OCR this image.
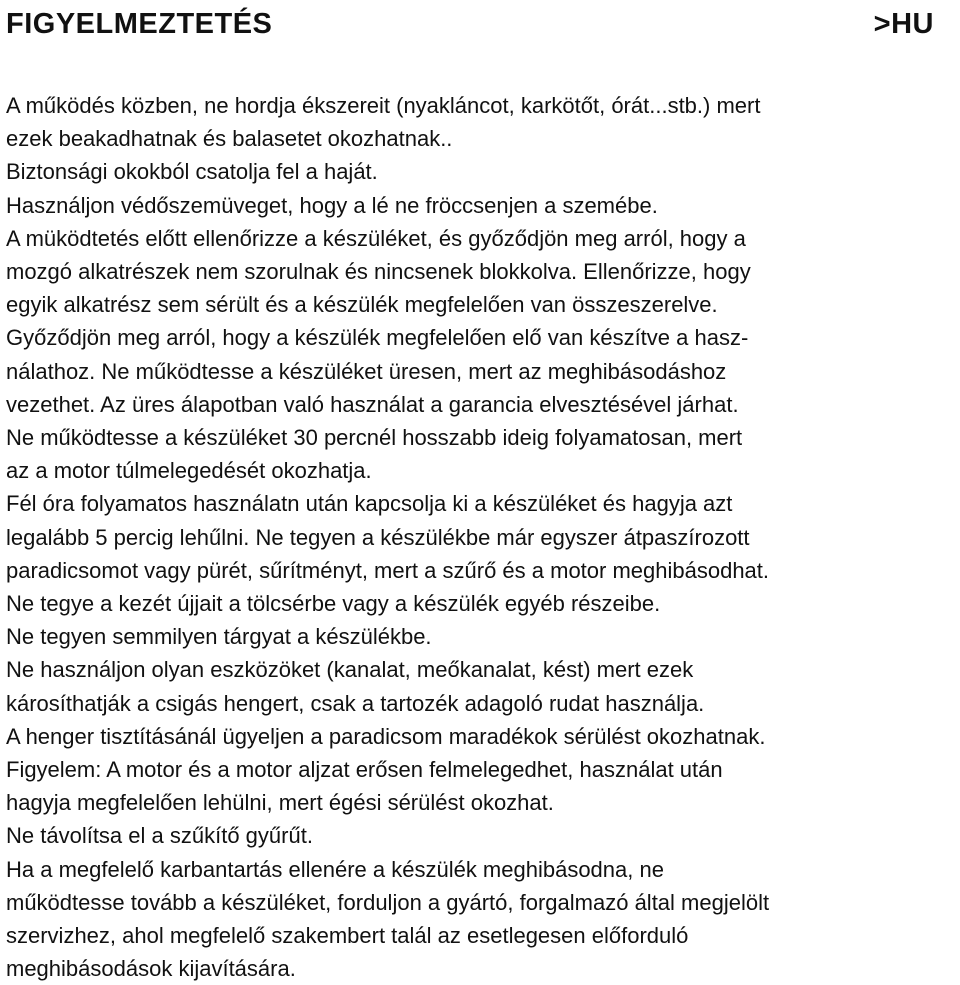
FIGYELMEZTETÉS	>HU
A működés közben, ne hordja ékszereit (nyakláncot, karkötőt, órát...stb.) mert
ezek beakadhatnak és balasetet okozhatnak..
Biztonsági okokból csatolja fel a haját.
Használjon védőszemüveget, hogy a lé ne fröccsenjen a szemébe.
A müködtetés előtt ellenőrizze a készüléket, és győződjön meg arról, hogy a
mozgó alkatrészek nem szorulnak és nincsenek blokkolva. Ellenőrizze, hogy
egyik alkatrész sem sérült és a készülék megfelelően van összeszerelve.
Győződjön meg arról, hogy a készülék megfelelően elő van készítve a hasz-
nálathoz. Ne működtesse a készüléket üresen, mert az meghibásodáshoz
vezethet. Az üres álapotban való használat a garancia elvesztésével járhat.
Ne működtesse a készüléket 30 percnél hosszabb ideig folyamatosan, mert
az a motor túlmelegedését okozhatja.
Fél óra folyamatos használatn után kapcsolja ki a készüléket és hagyja azt
legalább 5 percig lehűlni. Ne tegyen a készülékbe már egyszer átpaszírozott
paradicsomot vagy pürét, sűrítményt, mert a szűrő és a motor meghibásodhat.
Ne tegye a kezét újjait a tölcsérbe vagy a készülék egyéb részeibe.
Ne tegyen semmilyen tárgyat a készülékbe.
Ne használjon olyan eszközöket (kanalat, meőkanalat, kést) mert ezek
károsíthatják a csigás hengert, csak a tartozék adagoló rudat használja.
A henger tisztításánál ügyeljen a paradicsom maradékok sérülést okozhatnak.
Figyelem: A motor és a motor aljzat erősen felmelegedhet, használat után
hagyja megfelelően lehülni, mert égési sérülést okozhat.
Ne távolítsa el a szűkítő gyűrűt.
Ha a megfelelő karbantartás ellenére a készülék meghibásodna, ne
működtesse tovább a készüléket, forduljon a gyártó, forgalmazó által megjelölt
szervizhez, ahol megfelelő szakembert talál az esetlegesen előforduló
meghibásodások kijavítására.
